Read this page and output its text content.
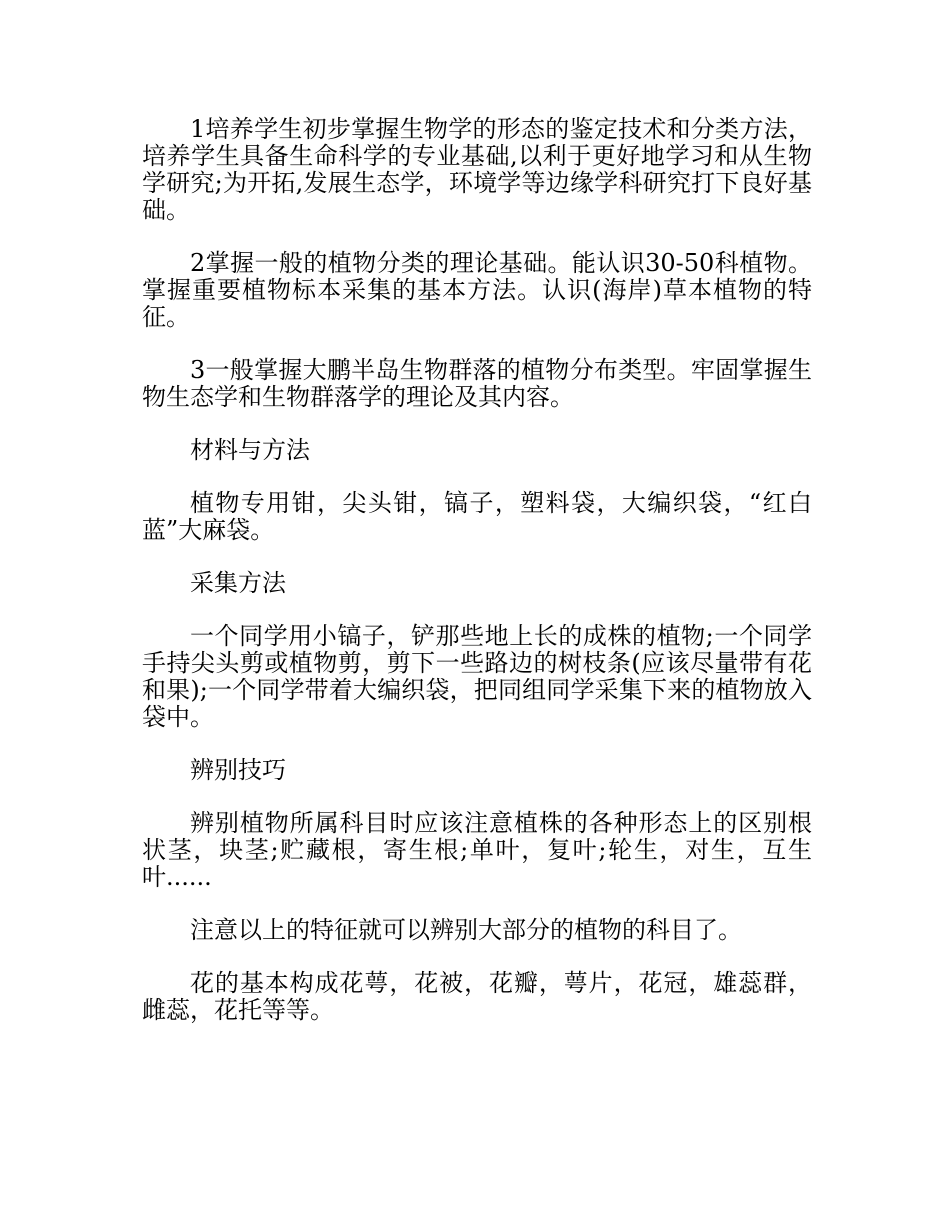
1培养学生初步掌握生物学的形态的鉴定技术和分类方法，培养学生具备生命科学的专业基础,以利于更好地学习和从生物学研究;为开拓,发展生态学，环境学等边缘学科研究打下良好基础。

2掌握一般的植物分类的理论基础。能认识30-50科植物。掌握重要植物标本采集的基本方法。认识(海岸)草本植物的特征。

3一般掌握大鹏半岛生物群落的植物分布类型。牢固掌握生物生态学和生物群落学的理论及其内容。

材料与方法

植物专用钳，尖头钳，镐子，塑料袋，大编织袋，“红白蓝”大麻袋。

采集方法

一个同学用小镐子，铲那些地上长的成株的植物;一个同学手持尖头剪或植物剪，剪下一些路边的树枝条(应该尽量带有花和果);一个同学带着大编织袋，把同组同学采集下来的植物放入袋中。

辨别技巧

辨别植物所属科目时应该注意植株的各种形态上的区别根状茎，块茎;贮藏根，寄生根;单叶，复叶;轮生，对生，互生叶......

注意以上的特征就可以辨别大部分的植物的科目了。

花的基本构成花萼，花被，花瓣，萼片，花冠，雄蕊群，雌蕊，花托等等。
